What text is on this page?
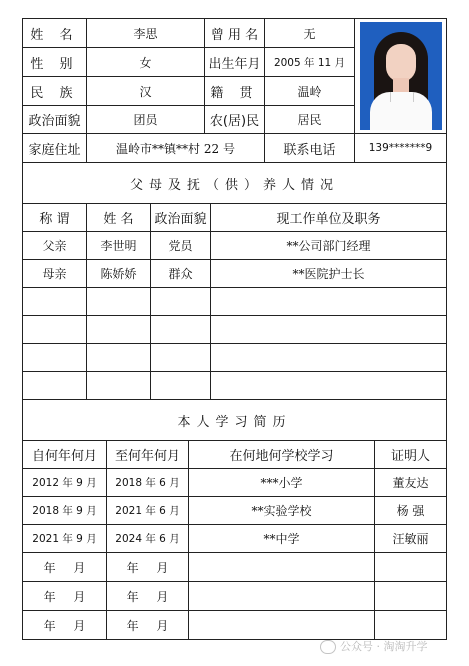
姓 名	李思	曾 用 名	无	

性 别	女	出生年月	2005 年 11 月	
民 族	汉	籍 贯	温岭	
政治面貌	团员	农(居)民	居民	
家庭住址	温岭市**镇**村 22 号		联系电话	139*******9
父母及抚（供）养人情况			
称 谓	姓 名	政治面貌	现工作单位及职务
父亲	李世明	党员	**公司部门经理
母亲	陈娇娇	群众	**医院护士长

本人学习简历			
自何年何月	至何年何月	在何地何学校学习	证明人
2012 年 9 月	2018 年 6 月	***小学	董友达
2018 年 9 月	2021 年 6 月	**实验学校	杨 强
2021 年 9 月	2024 年 6 月	**中学	汪敏丽
年 月	年 月		
年 月	年 月		
年 月	年 月		
公众号 · 淘淘升学
